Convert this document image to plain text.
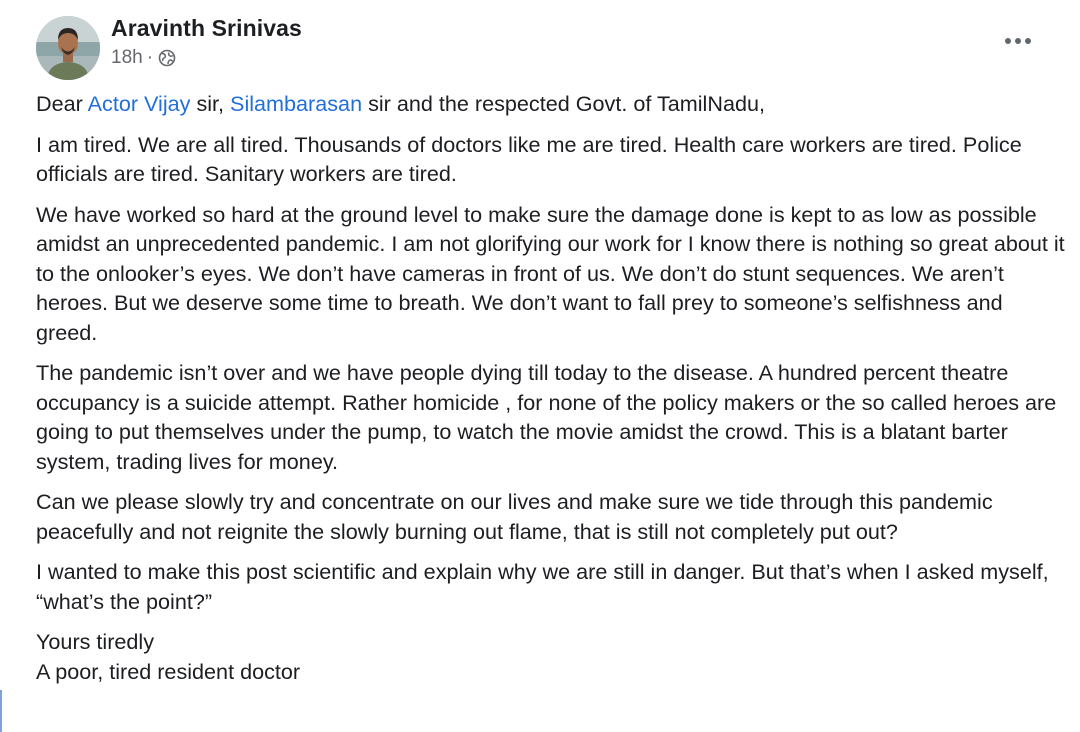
Aravinth Srinivas
18h ·

Dear Actor Vijay sir, Silambarasan sir and the respected Govt. of TamilNadu,

I am tired. We are all tired. Thousands of doctors like me are tired. Health care workers are tired. Police officials are tired. Sanitary workers are tired.

We have worked so hard at the ground level to make sure the damage done is kept to as low as possible amidst an unprecedented pandemic. I am not glorifying our work for I know there is nothing so great about it to the onlooker’s eyes. We don’t have cameras in front of us. We don’t do stunt sequences. We aren’t heroes. But we deserve some time to breath. We don’t want to fall prey to someone’s selfishness and greed.

The pandemic isn’t over and we have people dying till today to the disease. A hundred percent theatre occupancy is a suicide attempt. Rather homicide , for none of the policy makers or the so called heroes are going to put themselves under the pump, to watch the movie amidst the crowd. This is a blatant barter system, trading lives for money.

Can we please slowly try and concentrate on our lives and make sure we tide through this pandemic peacefully and not reignite the slowly burning out flame, that is still not completely put out?

I wanted to make this post scientific and explain why we are still in danger. But that’s when I asked myself, “what’s the point?”

Yours tiredly

A poor, tired resident doctor
